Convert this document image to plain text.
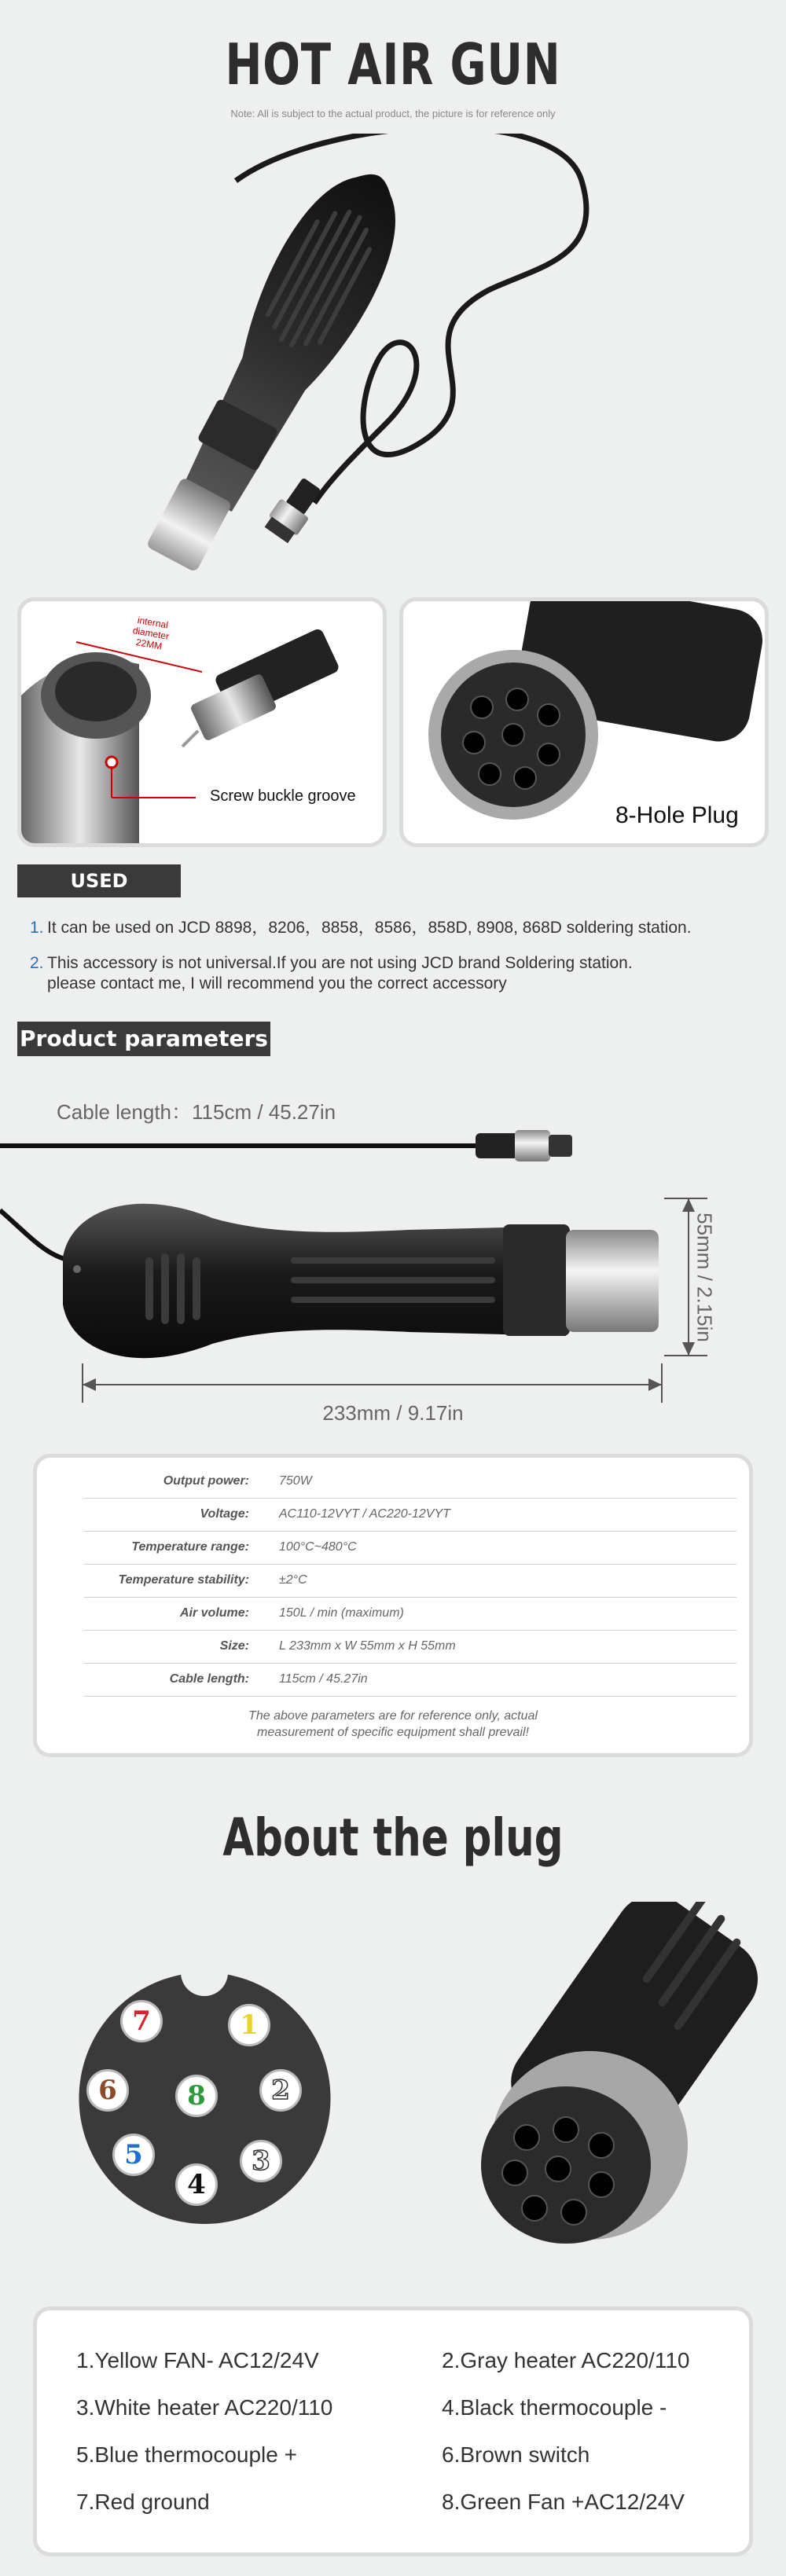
HOT AIR GUN
Note: All is subject to the actual product, the picture is for reference only
internal
diameter
22MM
Screw buckle groove
8-Hole Plug
USED
1. It can be used on JCD 8898，8206，8858，8586，858D, 8908, 868D soldering station.
2. This accessory is not universal.If you are not using JCD brand Soldering station.
please contact me, I will recommend you the correct accessory
Product parameters
Cable length：115cm / 45.27in
55mm / 2.15in
233mm / 9.17in
Output power: 750W
Voltage: AC110-12VYT / AC220-12VYT
Temperature range: 100°C~480°C
Temperature stability: ±2°C
Air volume: 150L / min (maximum)
Size: L 233mm x W 55mm x H 55mm
Cable length: 115cm / 45.27in
The above parameters are for reference only, actual
measurement of specific equipment shall prevail!
About the plug
7	1
6	8	2
5	3
4
1.Yellow FAN- AC12/24V	2.Gray heater AC220/110
3.White heater AC220/110	4.Black thermocouple -
5.Blue thermocouple +	6.Brown switch
7.Red ground	8.Green Fan +AC12/24V
